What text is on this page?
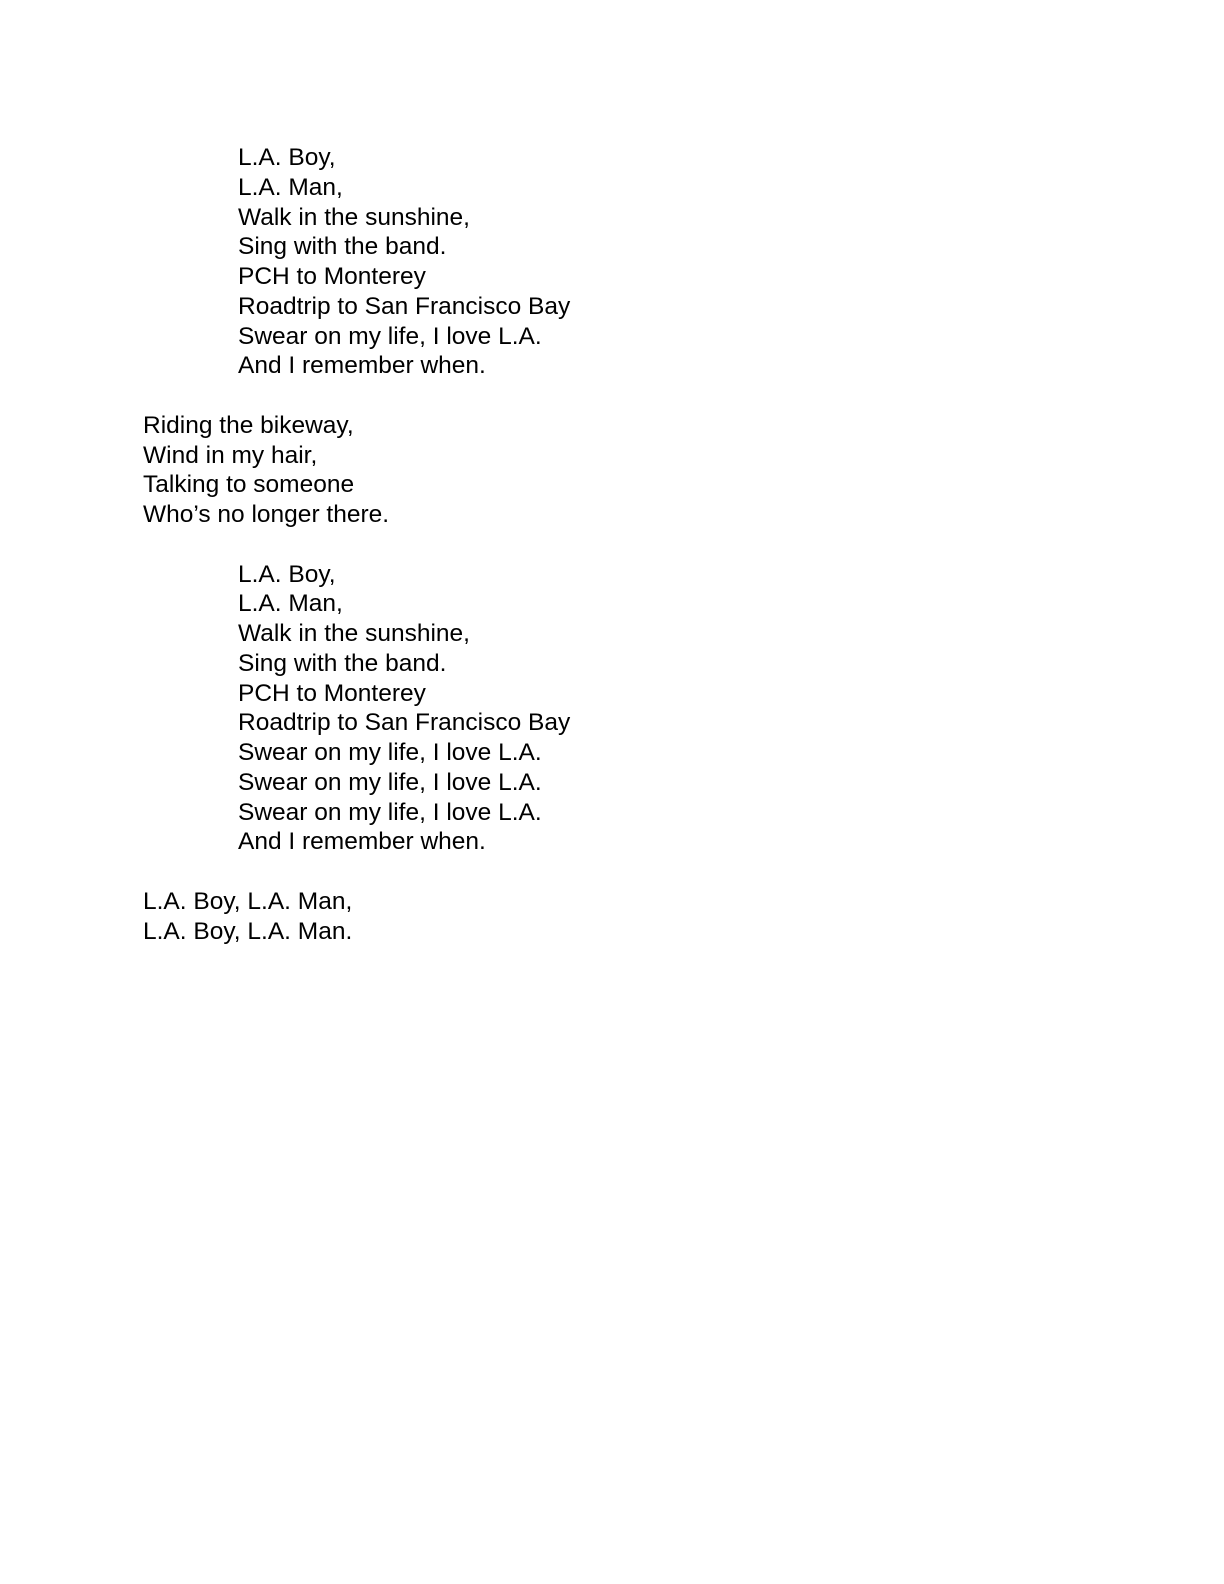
L.A. Boy,
L.A. Man,
Walk in the sunshine,
Sing with the band.
PCH to Monterey
Roadtrip to San Francisco Bay
Swear on my life, I love L.A.
And I remember when.
Riding the bikeway,
Wind in my hair,
Talking to someone
Who’s no longer there.
L.A. Boy,
L.A. Man,
Walk in the sunshine,
Sing with the band.
PCH to Monterey
Roadtrip to San Francisco Bay
Swear on my life, I love L.A.
Swear on my life, I love L.A.
Swear on my life, I love L.A.
And I remember when.
L.A. Boy, L.A. Man,
L.A. Boy, L.A. Man.
